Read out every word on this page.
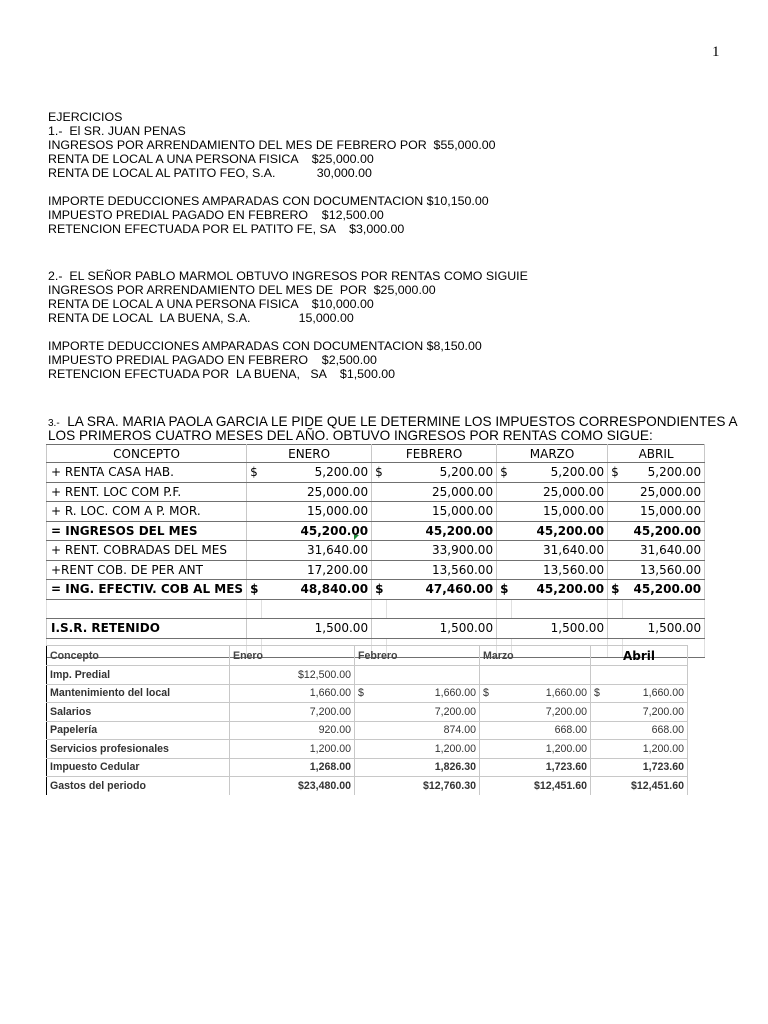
1
EJERCICIOS
1.-  El SR. JUAN PENAS
INGRESOS POR ARRENDAMIENTO DEL MES DE FEBRERO POR  $55,000.00
RENTA DE LOCAL A UNA PERSONA FISICA    $25,000.00
RENTA DE LOCAL AL PATITO FEO, S.A.            30,000.00
IMPORTE DEDUCCIONES AMPARADAS CON DOCUMENTACION $10,150.00
IMPUESTO PREDIAL PAGADO EN FEBRERO    $12,500.00
RETENCION EFECTUADA POR EL PATITO FE, SA    $3,000.00
2.-  EL SEÑOR PABLO MARMOL OBTUVO INGRESOS POR RENTAS COMO SIGUIE
INGRESOS POR ARRENDAMIENTO DEL MES DE  POR  $25,000.00
RENTA DE LOCAL A UNA PERSONA FISICA    $10,000.00
RENTA DE LOCAL  LA BUENA, S.A.              15,000.00
IMPORTE DEDUCCIONES AMPARADAS CON DOCUMENTACION $8,150.00
IMPUESTO PREDIAL PAGADO EN FEBRERO    $2,500.00
RETENCION EFECTUADA POR  LA BUENA,   SA    $1,500.00
3.-  LA SRA. MARIA PAOLA GARCIA LE PIDE QUE LE DETERMINE LOS IMPUESTOS CORRESPONDIENTES A
LOS PRIMEROS CUATRO MESES DEL AÑO. OBTUVO INGRESOS POR RENTAS COMO SIGUE:
CONCEPTO	ENERO		FEBRERO		MARZO		ABRIL	
+ RENTA CASA HAB.	$	5,200.00	$	5,200.00	$	5,200.00	$	5,200.00
+ RENT. LOC COM P.F.		25,000.00		25,000.00		25,000.00		25,000.00
+ R. LOC. COM A P. MOR.		15,000.00		15,000.00		15,000.00		15,000.00
= INGRESOS DEL MES		45,200.00		45,200.00		45,200.00		45,200.00
+ RENT. COBRADAS DEL MES		31,640.00		33,900.00		31,640.00		31,640.00
+RENT COB. DE PER ANT		17,200.00		13,560.00		13,560.00		13,560.00
= ING. EFECTIV. COB AL MES	$	48,840.00	$	47,460.00	$	45,200.00	$	45,200.00

I.S.R. RETENIDO	1,500.00		1,500.00		1,500.00		1,500.00	

Concepto	Enero	Febrero		Marzo		Abril	
Imp. Predial	$12,500.00						
Mantenimiento del local	1,660.00	$	1,660.00	$	1,660.00	$	1,660.00
Salarios	7,200.00		7,200.00		7,200.00		7,200.00
Papelería	920.00		874.00		668.00		668.00
Servicios profesionales	1,200.00		1,200.00		1,200.00		1,200.00
Impuesto Cedular	1,268.00		1,826.30		1,723.60		1,723.60
Gastos del periodo	$23,480.00		$12,760.30		$12,451.60		$12,451.60
